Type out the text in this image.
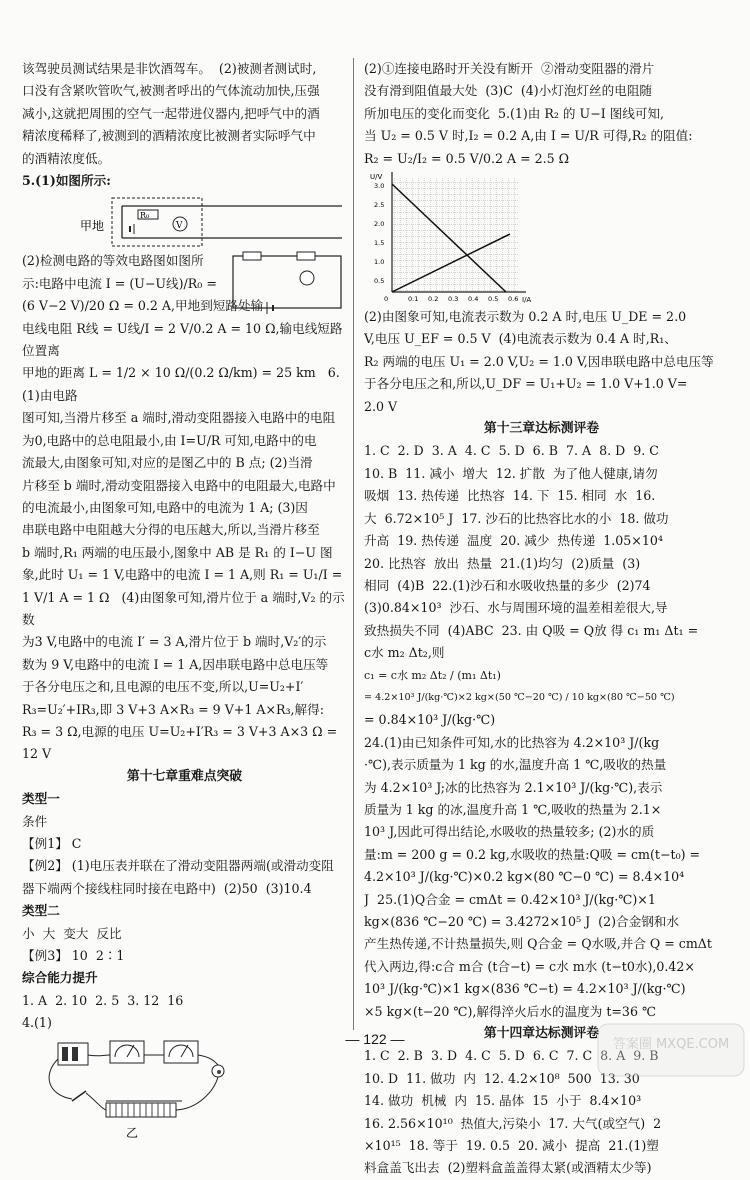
该驾驶员测试结果是非饮酒驾车。  (2)被测者测试时,

口没有含紧吹管吹气,被测者呼出的气体流动加快,压强

减小,这就把周围的空气一起带进仪器内,把呼气中的酒

精浓度稀释了,被测到的酒精浓度比被测者实际呼气中

的酒精浓度低。

5.(1)如图所示:

甲地
R₀
V

(2)检测电路的等效电路图如图所

示:电路中电流 I = (U−U线)/R₀ =

(6 V−2 V)/20 Ω = 0.2 A,甲地到短路处输

电线电阻 R线 = U线/I = 2 V/0.2 A = 10 Ω,输电线短路位置离

甲地的距离 L = 1/2 × 10 Ω/(0.2 Ω/km) = 25 km   6.(1)由电路

图可知,当滑片移至 a 端时,滑动变阻器接入电路中的电阻

为0,电路中的总电阻最小,由 I=U/R 可知,电路中的电

流最大,由图象可知,对应的是图乙中的 B 点; (2)当滑

片移至 b 端时,滑动变阻器接入电路中的电阻最大,电路中

的电流最小,由图象可知,电路中的电流为 1 A; (3)因

串联电路中电阻越大分得的电压越大,所以,当滑片移至

b 端时,R₁ 两端的电压最小,图象中 AB 是 R₁ 的 I−U 图

象,此时 U₁ = 1 V,电路中的电流 I = 1 A,则 R₁ = U₁/I =

1 V/1 A = 1 Ω   (4)由图象可知,滑片位于 a 端时,V₂ 的示数

为3 V,电路中的电流 I′ = 3 A,滑片位于 b 端时,V₂′的示

数为 9 V,电路中的电流 I = 1 A,因串联电路中总电压等

于各分电压之和,且电源的电压不变,所以,U=U₂+I′

R₃=U₂′+IR₃,即 3 V+3 A×R₃ = 9 V+1 A×R₃,解得:

R₃ = 3 Ω,电源的电压 U=U₂+I′R₃ = 3 V+3 A×3 Ω =

12 V

第十七章重难点突破

类型一

条件

【例1】 C

【例2】 (1)电压表并联在了滑动变阻器两端(或滑动变阻

器下端两个接线柱同时接在电路中)  (2)50  (3)10.4

类型二

小  大  变大  反比

【例3】 10  2∶1

综合能力提升

1. A  2. 10  2. 5  3. 12  16

4.(1)

乙

(2)①连接电路时开关没有断开  ②滑动变阻器的滑片

没有滑到阻值最大处  (3)C  (4)小灯泡灯丝的电阻随

所加电压的变化而变化  5.(1)由 R₂ 的 U−I 图线可知,

当 U₂ = 0.5 V 时,I₂ = 0.2 A,由 I = U/R 可得,R₂ 的阻值:

R₂ = U₂/I₂ = 0.5 V/0.2 A = 2.5 Ω

U/V
I/A
3.0
2.5
2.0
1.5
1.0
0.5
0	0.1 0.2 0.3 0.4 0.5 0.6

(2)由图象可知,电流表示数为 0.2 A 时,电压 U_DE = 2.0

V,电压 U_EF = 0.5 V  (4)电流表示数为 0.4 A 时,R₁、

R₂ 两端的电压 U₁ = 2.0 V,U₂ = 1.0 V,因串联电路中总电压等

于各分电压之和,所以,U_DF = U₁+U₂ = 1.0 V+1.0 V=

2.0 V

第十三章达标测评卷

1. C  2. D  3. A  4. C  5. D  6. B  7. A  8. D  9. C

10. B  11. 减小  增大  12. 扩散  为了他人健康,请勿

吸烟  13. 热传递  比热容  14. 下  15. 相同  水  16.

大  6.72×10⁵ J  17. 沙石的比热容比水的小  18. 做功

升高  19. 热传递  温度  20. 减少  热传递  1.05×10⁴

20. 比热容  放出  热量  21.(1)均匀  (2)质量  (3)

相同  (4)B  22.(1)沙石和水吸收热量的多少  (2)74

(3)0.84×10³  沙石、水与周围环境的温差相差很大,导

致热损失不同  (4)ABC  23. 由 Q吸 = Q放 得 c₁ m₁ Δt₁ =

c水 m₂ Δt₂,则

c₁ = c水 m₂ Δt₂ / (m₁ Δt₁)

= 4.2×10³ J/(kg·℃)×2 kg×(50 ℃−20 ℃) / 10 kg×(80 ℃−50 ℃)

= 0.84×10³ J/(kg·℃)

24.(1)由已知条件可知,水的比热容为 4.2×10³ J/(kg

·℃),表示质量为 1 kg 的水,温度升高 1 ℃,吸收的热量

为 4.2×10³ J;冰的比热容为 2.1×10³ J/(kg·℃),表示

质量为 1 kg 的冰,温度升高 1 ℃,吸收的热量为 2.1×

10³ J,因此可得出结论,水吸收的热量较多; (2)水的质

量:m = 200 g = 0.2 kg,水吸收的热量:Q吸 = cm(t−t₀) =

4.2×10³ J/(kg·℃)×0.2 kg×(80 ℃−0 ℃) = 8.4×10⁴

J  25.(1)Q合金 = cmΔt = 0.42×10³ J/(kg·℃)×1

kg×(836 ℃−20 ℃) = 3.4272×10⁵ J  (2)合金钢和水

产生热传递,不计热量损失,则 Q合金 = Q水吸,并合 Q = cmΔt

代入两边,得:c合 m合 (t合−t) = c水 m水 (t−t0水),0.42×

10³ J/(kg·℃)×1 kg×(836 ℃−t) = 4.2×10³ J/(kg·℃)

×5 kg×(t−20 ℃),解得淬火后水的温度为 t=36 ℃

第十四章达标测评卷

1. C  2. B  3. D  4. C  5. D  6. C  7. C  8. A  9. B

10. D  11. 做功  内  12. 4.2×10⁸  500  13. 30

14. 做功  机械  内  15. 晶体  15  小于  8.4×10³

16. 2.56×10¹⁰  热值大,污染小  17. 大气(或空气)  2

×10¹⁵  18. 等于  19. 0.5  20. 减小  提高  21.(1)塑

料盒盖飞出去  (2)塑料盒盖盖得太紧(或酒精太少等)

— 122 —	答案圈 MXQE.COM
